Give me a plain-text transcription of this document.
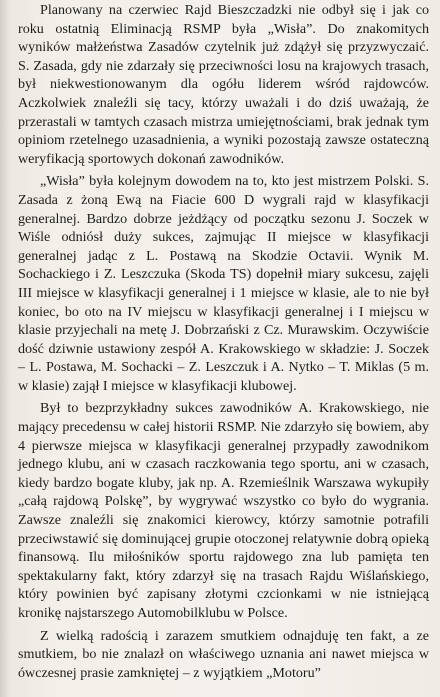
Planowany na czerwiec Rajd Bieszczadzki nie odbył się i jak co roku ostatnią Eliminacją RSMP była „Wisła”. Do znakomitych wyników małżeństwa Zasadów czytelnik już zdążył się przyzwyczaić. S. Zasada, gdy nie zdarzały się przeciwności losu na krajowych trasach, był niekwestionowanym dla ogółu liderem wśród rajdowców. Aczkolwiek znaleźli się tacy, którzy uważali i do dziś uważają, że przerastali w tamtych czasach mistrza umiejętnościami, brak jednak tym opiniom rzetelnego uzasadnienia, a wyniki pozostają zawsze ostateczną weryfikacją sportowych dokonań zawodników.

„Wisła” była kolejnym dowodem na to, kto jest mistrzem Polski. S. Zasada z żoną Ewą na Fiacie 600 D wygrali rajd w klasyfikacji generalnej. Bardzo dobrze jeżdżący od początku sezonu J. Soczek w Wiśle odniósł duży sukces, zajmując II miejsce w klasyfikacji generalnej jadąc z L. Postawą na Skodzie Octavii. Wynik M. Sochackiego i Z. Leszczuka (Skoda TS) dopełnił miary sukcesu, zajęli III miejsce w klasyfikacji generalnej i 1 miejsce w klasie, ale to nie był koniec, bo oto na IV miejscu w klasyfikacji generalnej i I miejscu w klasie przyjechali na metę J. Dobrzański z Cz. Murawskim. Oczywiście dość dziwnie ustawiony zespół A. Krakowskiego w składzie: J. Soczek – L. Postawa, M. Sochacki – Z. Leszczuk i A. Nytko – T. Miklas (5 m. w klasie) zajął I miejsce w klasyfikacji klubowej.

Był to bezprzykładny sukces zawodników A. Krakowskiego, nie mający precedensu w całej historii RSMP. Nie zdarzyło się bowiem, aby 4 pierwsze miejsca w klasyfikacji generalnej przypadły zawodnikom jednego klubu, ani w czasach raczkowania tego sportu, ani w czasach, kiedy bardzo bogate kluby, jak np. A. Rzemieślnik Warszawa wykupiły „całą rajdową Polskę”, by wygrywać wszystko co było do wygrania. Zawsze znaleźli się znakomici kierowcy, którzy samotnie potrafili przeciwstawić się dominującej grupie otoczonej relatywnie dobrą opieką finansową. Ilu miłośników sportu rajdowego zna lub pamięta ten spektakularny fakt, który zdarzył się na trasach Rajdu Wiślańskiego, który powinien być zapisany złotymi czcionkami w nie istniejącą kronikę najstarszego Automobilklubu w Polsce.

Z wielką radością i zarazem smutkiem odnajduję ten fakt, a ze smutkiem, bo nie znalazł on właściwego uznania ani nawet miejsca w ówczesnej prasie zamkniętej – z wyjątkiem „Motoru”
